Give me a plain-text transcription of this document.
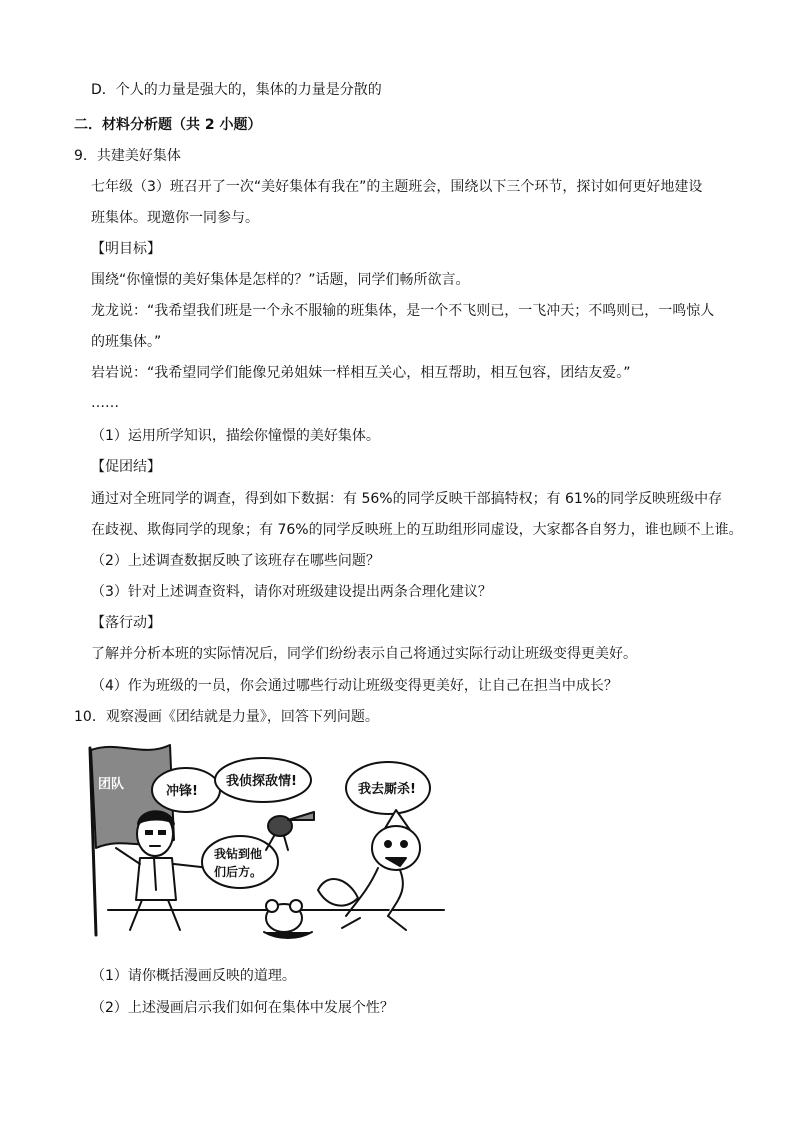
D．个人的力量是强大的，集体的力量是分散的
二．材料分析题（共 2 小题）
9．共建美好集体
七年级（3）班召开了一次“美好集体有我在”的主题班会，围绕以下三个环节，探讨如何更好地建设
班集体。现邀你一同参与。
【明目标】
围绕“你憧憬的美好集体是怎样的？”话题，同学们畅所欲言。
龙龙说：“我希望我们班是一个永不服输的班集体，是一个不飞则已，一飞冲天；不鸣则已，一鸣惊人
的班集体。”
岩岩说：“我希望同学们能像兄弟姐妹一样相互关心，相互帮助，相互包容，团结友爱。”
……
（1）运用所学知识，描绘你憧憬的美好集体。
【促团结】
通过对全班同学的调查，得到如下数据：有 56%的同学反映干部搞特权；有 61%的同学反映班级中存
在歧视、欺侮同学的现象；有 76%的同学反映班上的互助组形同虚设，大家都各自努力，谁也顾不上谁。
（2）上述调查数据反映了该班存在哪些问题？
（3）针对上述调查资料，请你对班级建设提出两条合理化建议？
【落行动】
了解并分析本班的实际情况后，同学们纷纷表示自己将通过实际行动让班级变得更美好。
（4）作为班级的一员，你会通过哪些行动让班级变得更美好，让自己在担当中成长？
10．观察漫画《团结就是力量》，回答下列问题。
团队	冲锋!
我侦探敌情!
我钻到他
们后方。
我去厮杀!
（1）请你概括漫画反映的道理。
（2）上述漫画启示我们如何在集体中发展个性？
